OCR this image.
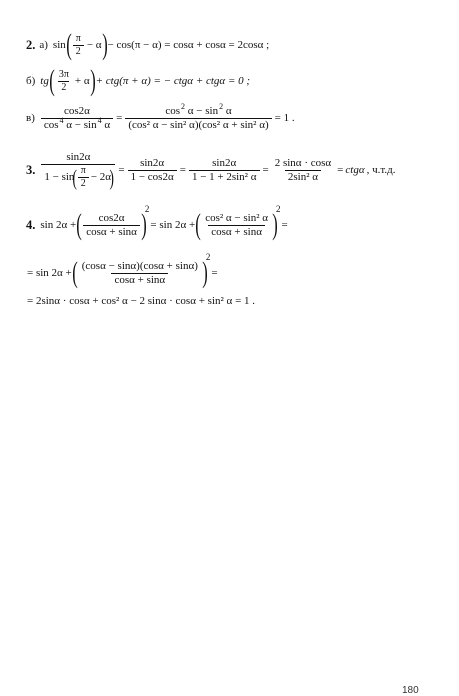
2. а) sin ( $\frac{\pi}{2} - \alpha$ ) − cos(π − α) = cosα + cosα = 2cosα ;
б) tg ( $\frac{3\pi}{2} + \alpha$ ) + ctg(π + α) = − ctgα + ctgα = 0 ;
$в) \frac{\cos 2\alpha}{\cos^4 \alpha - \sin^4 \alpha} = \frac{\cos^2 \alpha - \sin^2 \alpha}{\text{(cos² α − sin² α)(cos² α + sin² α)}} = 1$ .
3.
sin2α
1 − sin
( $\frac{\pi}{2} - 2\alpha$
) = $\frac{\sin 2\alpha}{1 - \cos 2\alpha} = \frac{\sin 2\alpha}{\text{1 − 1 + 2sin² α}} = \frac{2 \sin\alpha \cdot \cos\alpha}{\text{2sin² α}} = ctg\alpha$ , ч.т.д.
4. sin 2α + ( $\frac{\cos 2\alpha}{\cos\alpha + \sin\alpha}$ )
2
= sin 2α + ( $\frac{\text{cos² α − sin² α}}{\cos\alpha + \sin\alpha}$ )
2
=
= sin 2α + ( $\frac{(\cos\alpha - \sin\alpha)(\cos\alpha + \sin\alpha)}{\cos\alpha + \sin\alpha}$ )
2
=
= 2sinα · cosα + cos² α − 2 sinα · cosα + sin² α = 1 .
180
